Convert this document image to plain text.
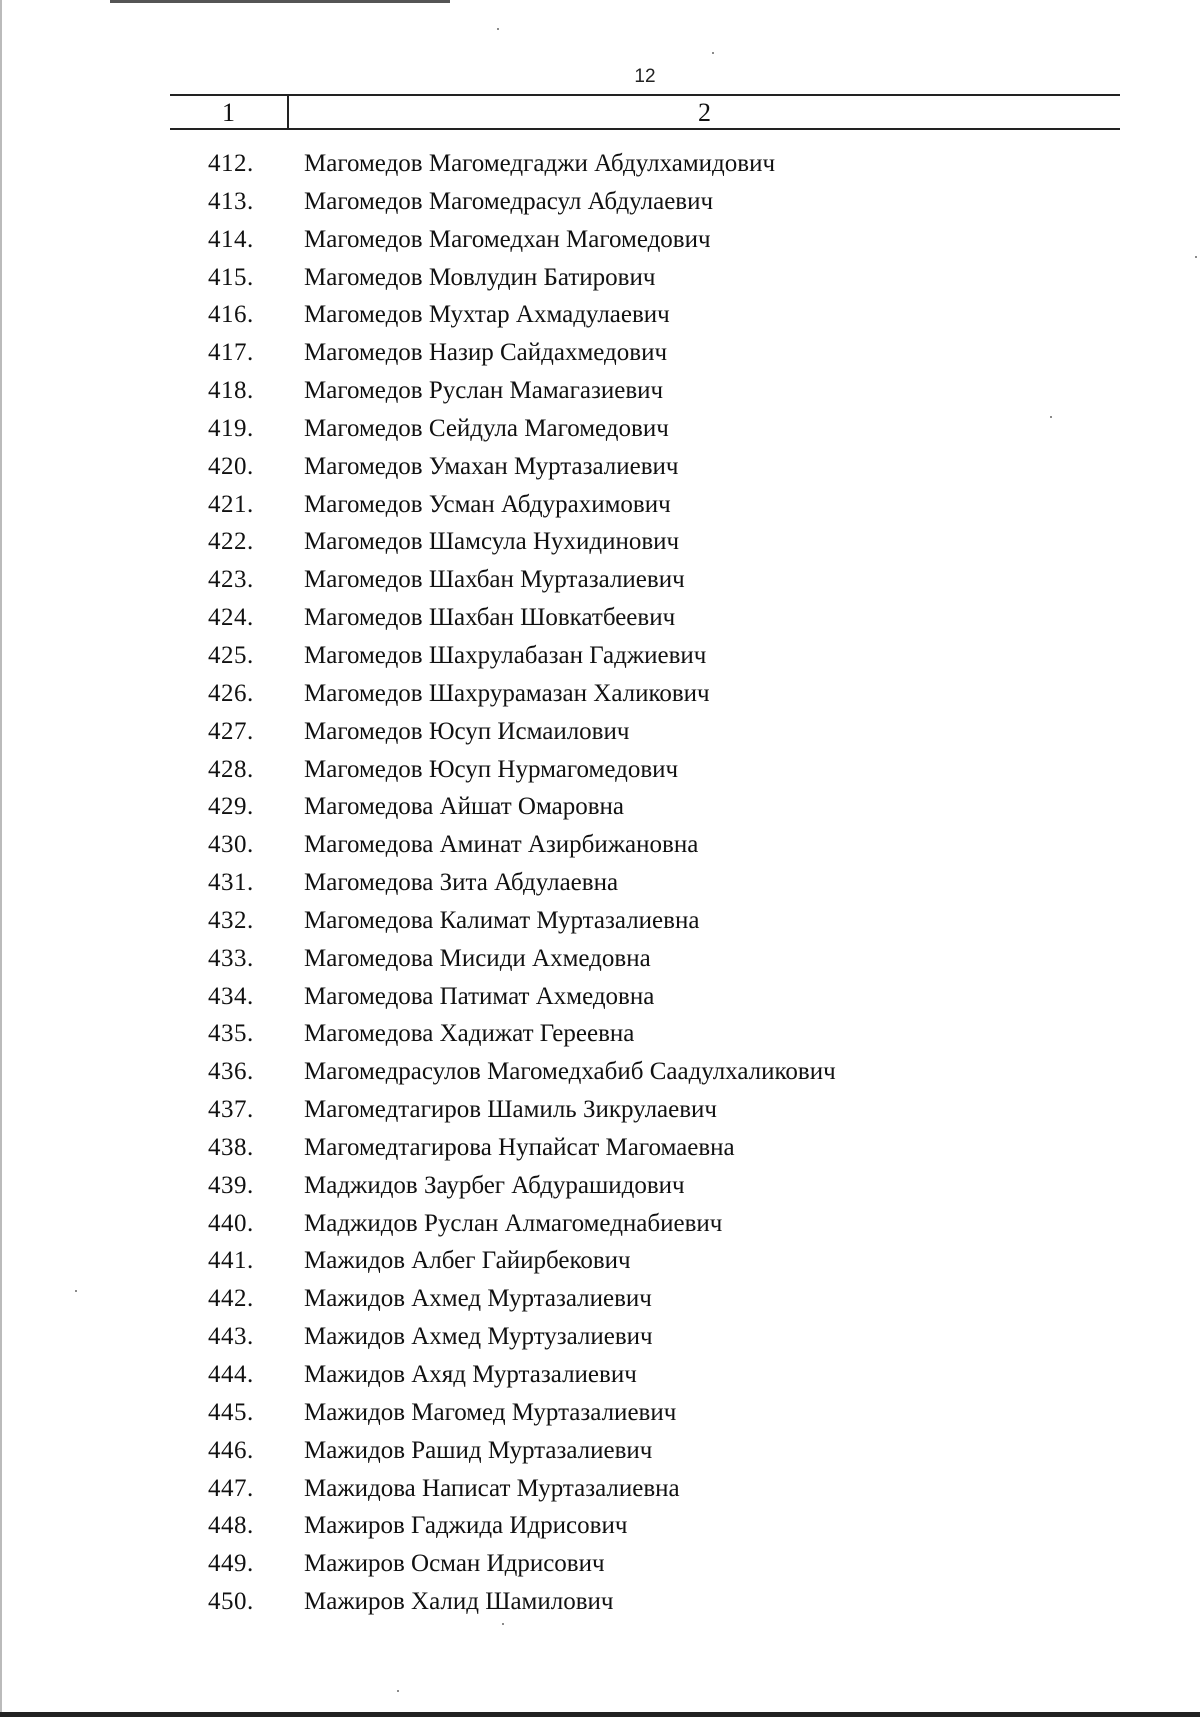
12
1	2
412.	Магомедов Магомедгаджи Абдулхамидович
413.	Магомедов Магомедрасул Абдулаевич
414.	Магомедов Магомедхан Магомедович
415.	Магомедов Мовлудин Батирович
416.	Магомедов Мухтар Ахмадулаевич
417.	Магомедов Назир Сайдахмедович
418.	Магомедов Руслан Мамагазиевич
419.	Магомедов Сейдула Магомедович
420.	Магомедов Умахан Муртазалиевич
421.	Магомедов Усман Абдурахимович
422.	Магомедов Шамсула Нухидинович
423.	Магомедов Шахбан Муртазалиевич
424.	Магомедов Шахбан Шовкатбеевич
425.	Магомедов Шахрулабазан Гаджиевич
426.	Магомедов Шахрурамазан Халикович
427.	Магомедов Юсуп Исмаилович
428.	Магомедов Юсуп Нурмагомедович
429.	Магомедова Айшат Омаровна
430.	Магомедова Аминат Азирбижановна
431.	Магомедова Зита Абдулаевна
432.	Магомедова Калимат Муртазалиевна
433.	Магомедова Мисиди Ахмедовна
434.	Магомедова Патимат Ахмедовна
435.	Магомедова Хадижат Гереевна
436.	Магомедрасулов Магомедхабиб Саадулхаликович
437.	Магомедтагиров Шамиль Зикрулаевич
438.	Магомедтагирова Нупайсат Магомаевна
439.	Маджидов Заурбег Абдурашидович
440.	Маджидов Руслан Алмагомеднабиевич
441.	Мажидов Албег Гайирбекович
442.	Мажидов Ахмед Муртазалиевич
443.	Мажидов Ахмед Муртузалиевич
444.	Мажидов Ахяд Муртазалиевич
445.	Мажидов Магомед Муртазалиевич
446.	Мажидов Рашид Муртазалиевич
447.	Мажидова Написат Муртазалиевна
448.	Мажиров Гаджида Идрисович
449.	Мажиров Осман Идрисович
450.	Мажиров Халид Шамилович
